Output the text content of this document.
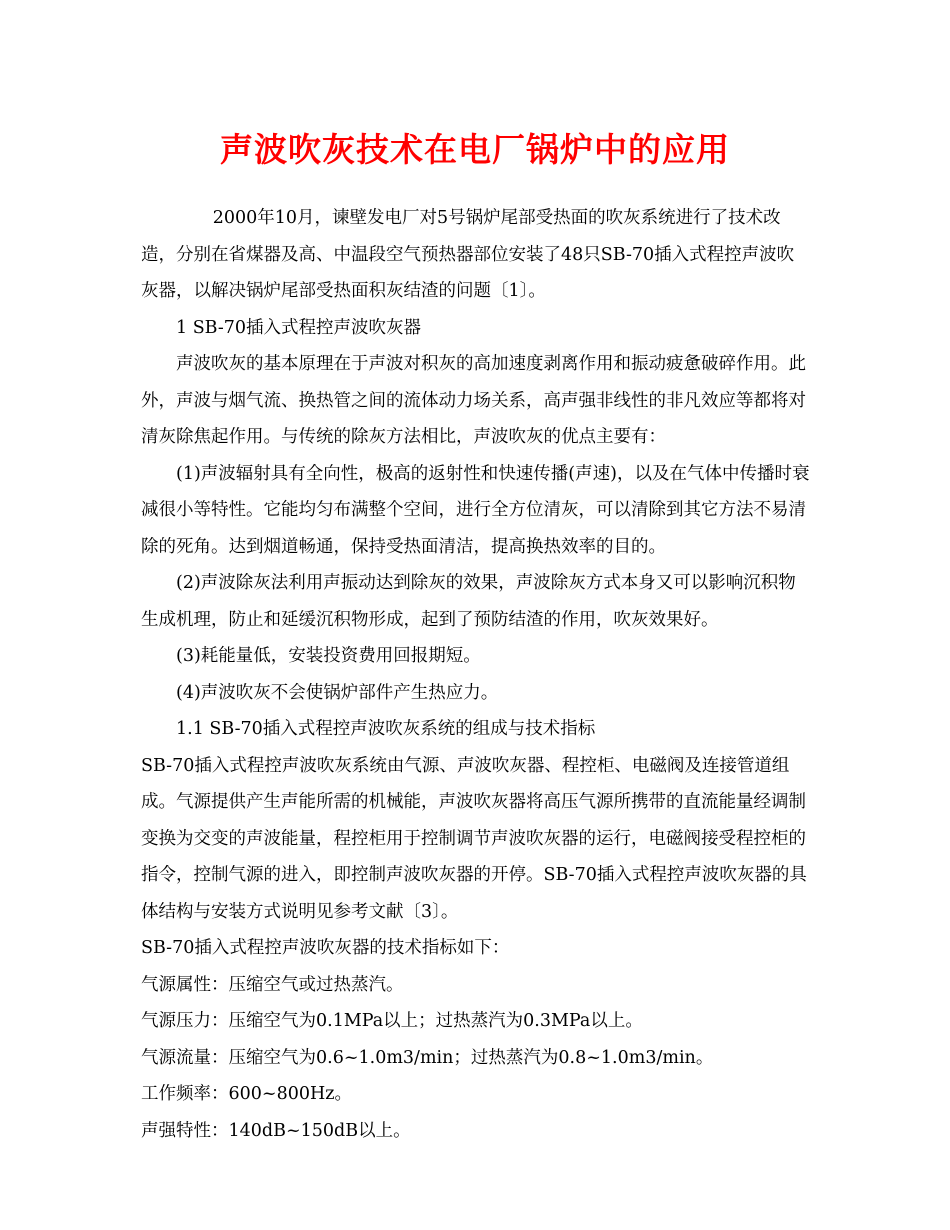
声波吹灰技术在电厂锅炉中的应用

2000年10月，谏壁发电厂对5号锅炉尾部受热面的吹灰系统进行了技术改造，分别在省煤器及高、中温段空气预热器部位安装了48只SB-70插入式程控声波吹灰器，以解决锅炉尾部受热面积灰结渣的问题〔1〕。

1 SB-70插入式程控声波吹灰器

声波吹灰的基本原理在于声波对积灰的高加速度剥离作用和振动疲惫破碎作用。此外，声波与烟气流、换热管之间的流体动力场关系，高声强非线性的非凡效应等都将对清灰除焦起作用。与传统的除灰方法相比，声波吹灰的优点主要有：

(1)声波辐射具有全向性，极高的返射性和快速传播(声速)，以及在气体中传播时衰减很小等特性。它能均匀布满整个空间，进行全方位清灰，可以清除到其它方法不易清除的死角。达到烟道畅通，保持受热面清洁，提高换热效率的目的。

(2)声波除灰法利用声振动达到除灰的效果，声波除灰方式本身又可以影响沉积物生成机理，防止和延缓沉积物形成，起到了预防结渣的作用，吹灰效果好。

(3)耗能量低，安装投资费用回报期短。

(4)声波吹灰不会使锅炉部件产生热应力。

1.1 SB-70插入式程控声波吹灰系统的组成与技术指标

SB-70插入式程控声波吹灰系统由气源、声波吹灰器、程控柜、电磁阀及连接管道组成。气源提供产生声能所需的机械能，声波吹灰器将高压气源所携带的直流能量经调制变换为交变的声波能量，程控柜用于控制调节声波吹灰器的运行，电磁阀接受程控柜的指令，控制气源的进入，即控制声波吹灰器的开停。SB-70插入式程控声波吹灰器的具体结构与安装方式说明见参考文献〔3〕。

SB-70插入式程控声波吹灰器的技术指标如下：

气源属性：压缩空气或过热蒸汽。

气源压力：压缩空气为0.1MPa以上；过热蒸汽为0.3MPa以上。

气源流量：压缩空气为0.6~1.0m3/min；过热蒸汽为0.8~1.0m3/min。

工作频率：600~800Hz。

声强特性：140dB~150dB以上。
